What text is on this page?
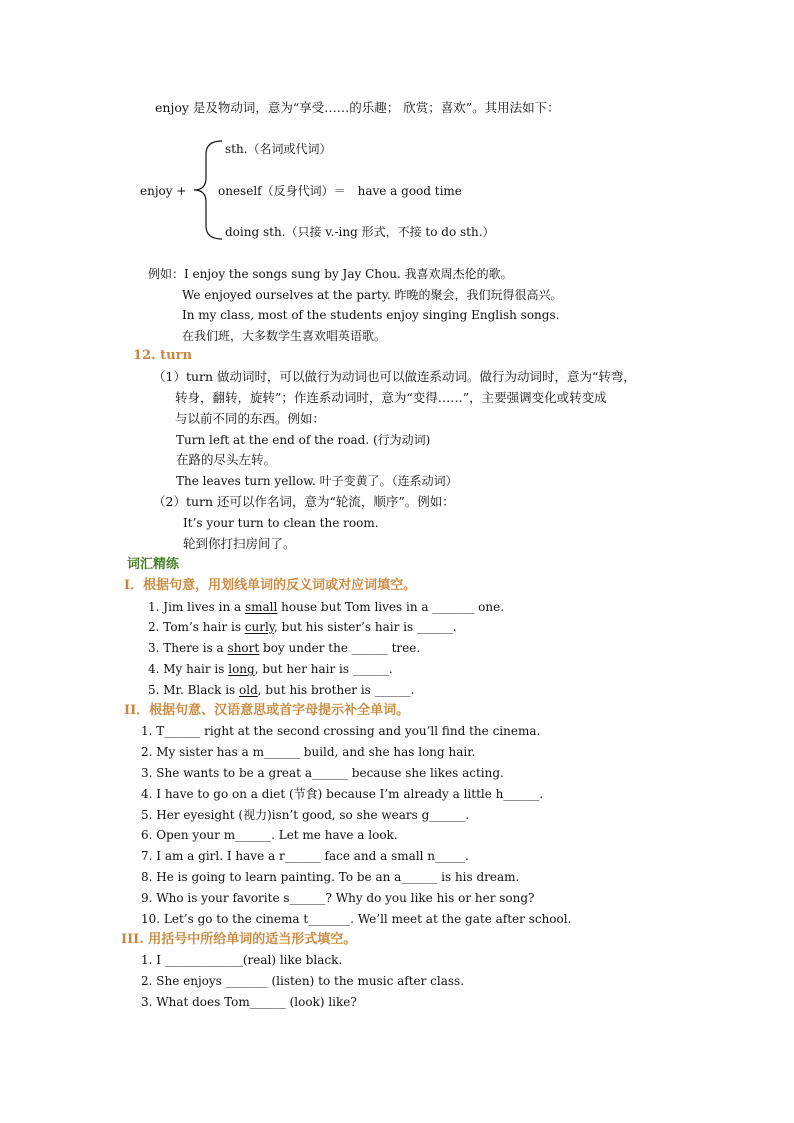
enjoy 是及物动词，意为“享受……的乐趣； 欣赏；喜欢”。其用法如下：
enjoy +
sth.（名词或代词）
oneself（反身代词）＝　have a good time
doing sth.（只接 v.-ing 形式，不接 to do sth.）
例如：I enjoy the songs sung by Jay Chou. 我喜欢周杰伦的歌。
We enjoyed ourselves at the party. 昨晚的聚会，我们玩得很高兴。
In my class, most of the students enjoy singing English songs.
在我们班，大多数学生喜欢唱英语歌。
12. turn
（1）turn 做动词时，可以做行为动词也可以做连系动词。做行为动词时，意为“转弯，
转身，翻转，旋转”；作连系动词时，意为“变得……”，主要强调变化或转变成
与以前不同的东西。例如：
Turn left at the end of the road. (行为动词)
在路的尽头左转。
The leaves turn yellow. 叶子变黄了。（连系动词）
（2）turn 还可以作名词，意为“轮流，顺序”。例如：
It’s your turn to clean the room.
轮到你打扫房间了。
词汇精练
I．根据句意，用划线单词的反义词或对应词填空。
1. Jim lives in a small house but Tom lives in a _______ one.
2. Tom’s hair is curly, but his sister’s hair is ______.
3. There is a short boy under the ______ tree.
4. My hair is long, but her hair is ______.
5. Mr. Black is old, but his brother is ______.
II．根据句意、汉语意思或首字母提示补全单词。
1. T______ right at the second crossing and you’ll find the cinema.
2. My sister has a m______ build, and she has long hair.
3. She wants to be a great a______ because she likes acting.
4. I have to go on a diet (节食) because I’m already a little h______.
5. Her eyesight (视力)isn’t good, so she wears g______.
6. Open your m______. Let me have a look.
7. I am a girl. I have a r______ face and a small n_____.
8. He is going to learn painting. To be an a______ is his dream.
9. Who is your favorite s______? Why do you like his or her song?
10. Let’s go to the cinema t_______. We’ll meet at the gate after school.
III. 用括号中所给单词的适当形式填空。
1. I _____________(real) like black.
2. She enjoys _______ (listen) to the music after class.
3. What does Tom______ (look) like?
